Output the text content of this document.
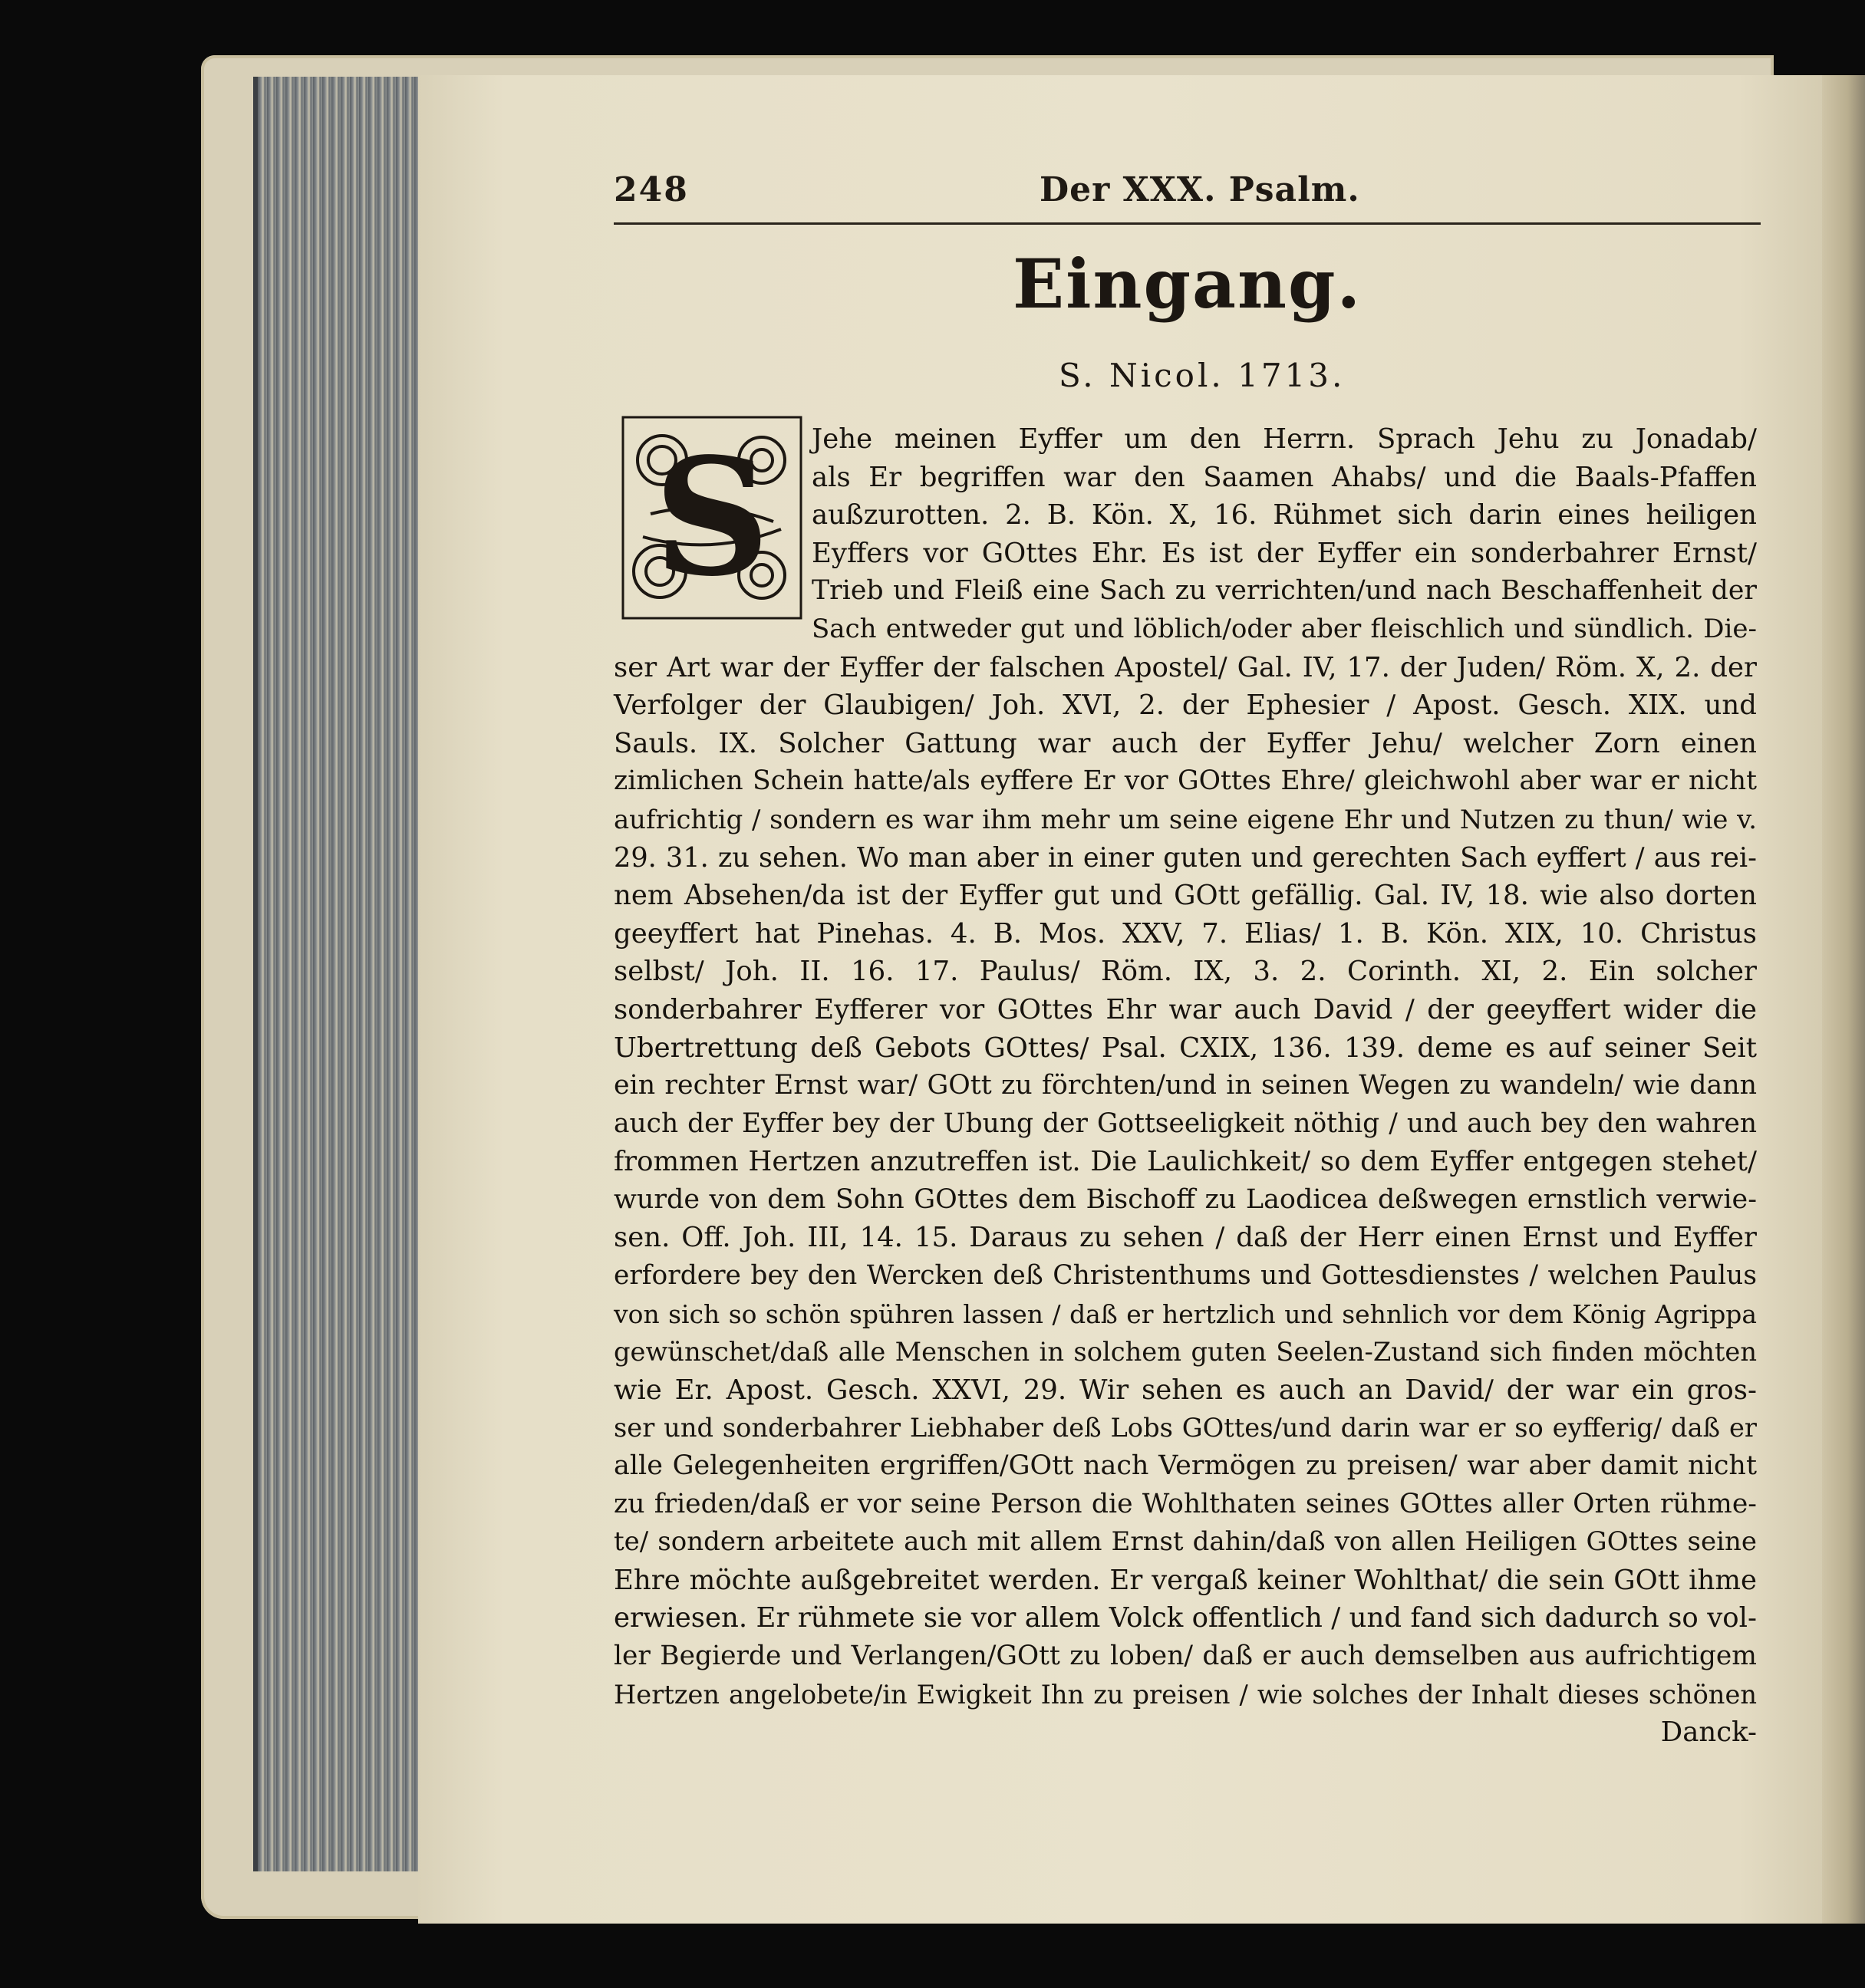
248	Der XXX. Psalm.
Eingang.
S. Nicol. 1713.
S	Jehe meinen Eyffer um den Herrn. Sprach Jehu zu Jonadab/
als Er begriffen war den Saamen Ahabs/ und die Baals-Pfaffen
außzurotten. 2. B. Kön. X, 16. Rühmet sich darin eines heiligen
Eyffers vor GOttes Ehr. Es ist der Eyffer ein sonderbahrer Ernst/
Trieb und Fleiß eine Sach zu verrichten/und nach Beschaffenheit der
Sach entweder gut und löblich/oder aber fleischlich und sündlich. Die-
ser Art war der Eyffer der falschen Apostel/ Gal. IV, 17. der Juden/ Röm. X, 2. der
Verfolger der Glaubigen/ Joh. XVI, 2. der Ephesier / Apost. Gesch. XIX. und
Sauls. IX. Solcher Gattung war auch der Eyffer Jehu/ welcher Zorn einen
zimlichen Schein hatte/als eyffere Er vor GOttes Ehre/ gleichwohl aber war er nicht
aufrichtig / sondern es war ihm mehr um seine eigene Ehr und Nutzen zu thun/ wie v.
29. 31. zu sehen. Wo man aber in einer guten und gerechten Sach eyffert / aus rei-
nem Absehen/da ist der Eyffer gut und GOtt gefällig. Gal. IV, 18. wie also dorten
geeyffert hat Pinehas. 4. B. Mos. XXV, 7. Elias/ 1. B. Kön. XIX, 10. Christus
selbst/ Joh. II. 16. 17. Paulus/ Röm. IX, 3. 2. Corinth. XI, 2. Ein solcher
sonderbahrer Eyfferer vor GOttes Ehr war auch David / der geeyffert wider die
Ubertrettung deß Gebots GOttes/ Psal. CXIX, 136. 139. deme es auf seiner Seit
ein rechter Ernst war/ GOtt zu förchten/und in seinen Wegen zu wandeln/ wie dann
auch der Eyffer bey der Ubung der Gottseeligkeit nöthig / und auch bey den wahren
frommen Hertzen anzutreffen ist. Die Laulichkeit/ so dem Eyffer entgegen stehet/
wurde von dem Sohn GOttes dem Bischoff zu Laodicea deßwegen ernstlich verwie-
sen. Off. Joh. III, 14. 15. Daraus zu sehen / daß der Herr einen Ernst und Eyffer
erfordere bey den Wercken deß Christenthums und Gottesdienstes / welchen Paulus
von sich so schön spühren lassen / daß er hertzlich und sehnlich vor dem König Agrippa
gewünschet/daß alle Menschen in solchem guten Seelen-Zustand sich finden möchten
wie Er. Apost. Gesch. XXVI, 29. Wir sehen es auch an David/ der war ein gros-
ser und sonderbahrer Liebhaber deß Lobs GOttes/und darin war er so eyfferig/ daß er
alle Gelegenheiten ergriffen/GOtt nach Vermögen zu preisen/ war aber damit nicht
zu frieden/daß er vor seine Person die Wohlthaten seines GOttes aller Orten rühme-
te/ sondern arbeitete auch mit allem Ernst dahin/daß von allen Heiligen GOttes seine
Ehre möchte außgebreitet werden. Er vergaß keiner Wohlthat/ die sein GOtt ihme
erwiesen. Er rühmete sie vor allem Volck offentlich / und fand sich dadurch so vol-
ler Begierde und Verlangen/GOtt zu loben/ daß er auch demselben aus aufrichtigem
Hertzen angelobete/in Ewigkeit Ihn zu preisen / wie solches der Inhalt dieses schönen
Danck-
